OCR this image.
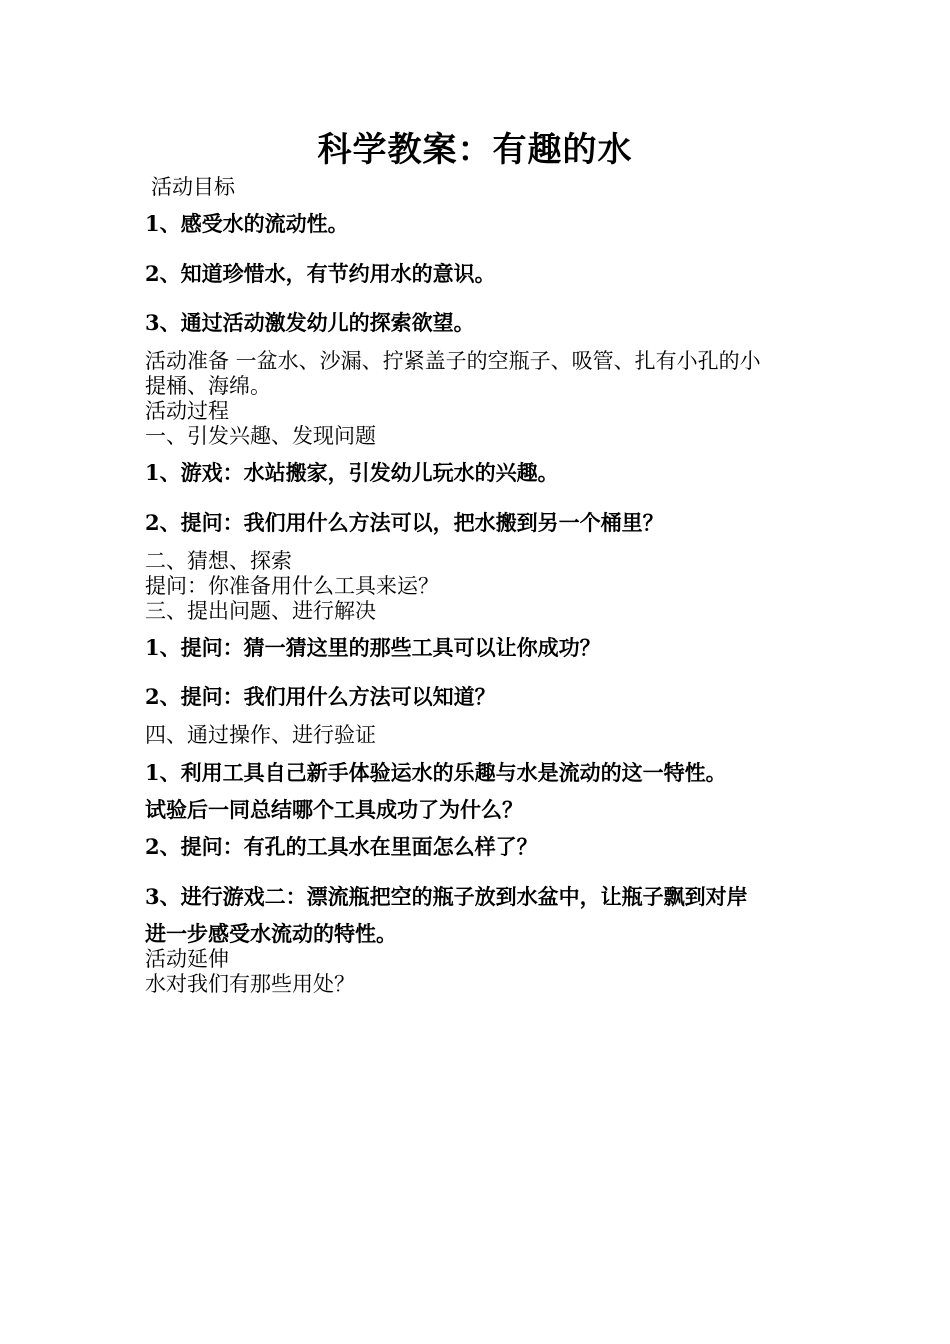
科学教案：有趣的水
活动目标
1、感受水的流动性。
2、知道珍惜水，有节约用水的意识。
3、通过活动激发幼儿的探索欲望。
活动准备 一盆水、沙漏、拧紧盖子的空瓶子、吸管、扎有小孔的小
提桶、海绵。
活动过程
一、引发兴趣、发现问题
1、游戏：水站搬家，引发幼儿玩水的兴趣。
2、提问：我们用什么方法可以，把水搬到另一个桶里？
二、猜想、探索
提问：你准备用什么工具来运？
三、提出问题、进行解决
1、提问：猜一猜这里的那些工具可以让你成功？
2、提问：我们用什么方法可以知道？
四、通过操作、进行验证
1、利用工具自己新手体验运水的乐趣与水是流动的这一特性。
试验后一同总结哪个工具成功了为什么？
2、提问：有孔的工具水在里面怎么样了？
3、进行游戏二：漂流瓶把空的瓶子放到水盆中，让瓶子飘到对岸
进一步感受水流动的特性。
活动延伸
水对我们有那些用处？
